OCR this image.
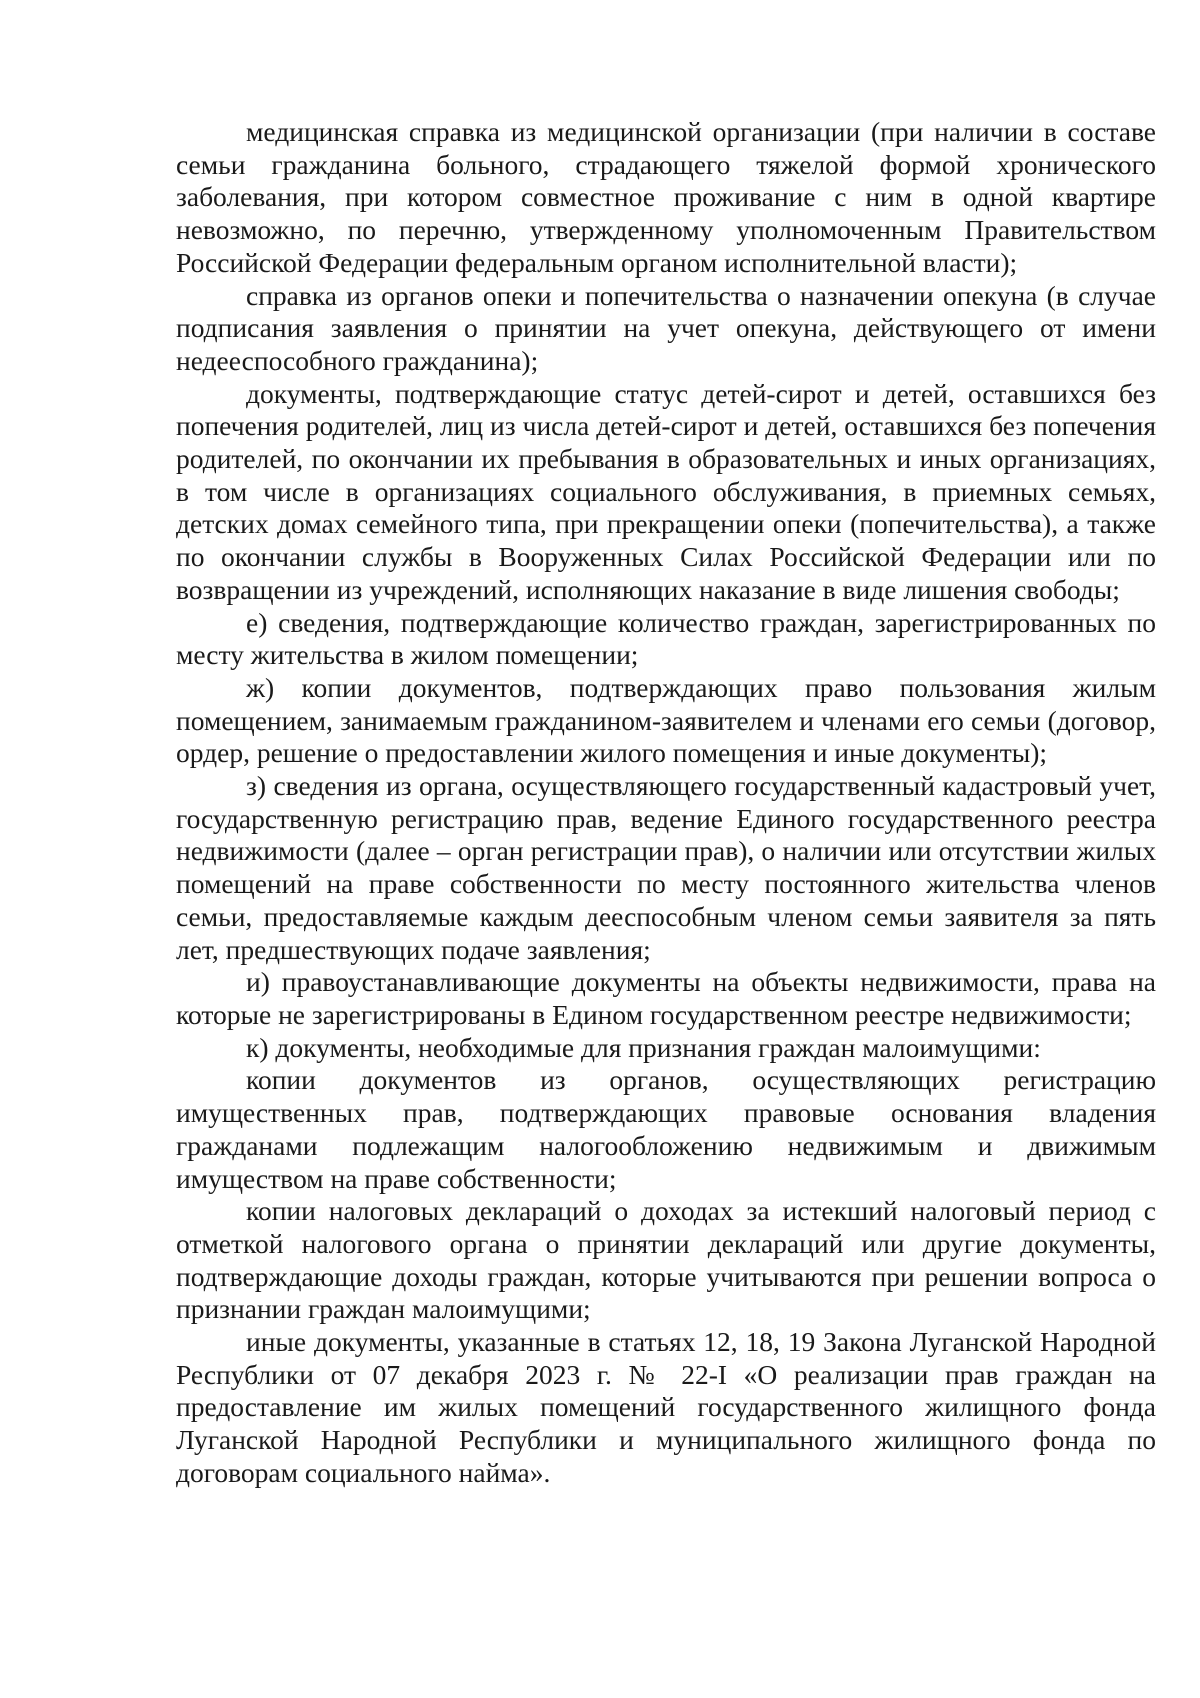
медицинская справка из медицинской организации (при наличии в составе семьи гражданина больного, страдающего тяжелой формой хронического заболевания, при котором совместное проживание с ним в одной квартире невозможно, по перечню, утвержденному уполномоченным Правительством Российской Федерации федеральным органом исполнительной власти);

справка из органов опеки и попечительства о назначении опекуна (в случае подписания заявления о принятии на учет опекуна, действующего от имени недееспособного гражданина);

документы, подтверждающие статус детей-сирот и детей, оставшихся без попечения родителей, лиц из числа детей-сирот и детей, оставшихся без попечения родителей, по окончании их пребывания в образовательных и иных организациях, в том числе в организациях социального обслуживания, в приемных семьях, детских домах семейного типа, при прекращении опеки (попечительства), а также по окончании службы в Вооруженных Силах Российской Федерации или по возвращении из учреждений, исполняющих наказание в виде лишения свободы;

е) сведения, подтверждающие количество граждан, зарегистрированных по месту жительства в жилом помещении;

ж) копии документов, подтверждающих право пользования жилым помещением, занимаемым гражданином-заявителем и членами его семьи (договор, ордер, решение о предоставлении жилого помещения и иные документы);

з) сведения из органа, осуществляющего государственный кадастровый учет, государственную регистрацию прав, ведение Единого государственного реестра недвижимости (далее – орган регистрации прав), о наличии или отсутствии жилых помещений на праве собственности по месту постоянного жительства членов семьи, предоставляемые каждым дееспособным членом семьи заявителя за пять лет, предшествующих подаче заявления;

и) правоустанавливающие документы на объекты недвижимости, права на которые не зарегистрированы в Едином государственном реестре недвижимости;

к) документы, необходимые для признания граждан малоимущими:

копии документов из органов, осуществляющих регистрацию имущественных прав, подтверждающих правовые основания владения гражданами подлежащим налогообложению недвижимым и движимым имуществом на праве собственности;

копии налоговых деклараций о доходах за истекший налоговый период с отметкой налогового органа о принятии деклараций или другие документы, подтверждающие доходы граждан, которые учитываются при решении вопроса о признании граждан малоимущими;

иные документы, указанные в статьях 12, 18, 19 Закона Луганской Народной Республики от 07 декабря 2023 г. № 22-I «О реализации прав граждан на предоставление им жилых помещений государственного жилищного фонда Луганской Народной Республики и муниципального жилищного фонда по договорам социального найма».
